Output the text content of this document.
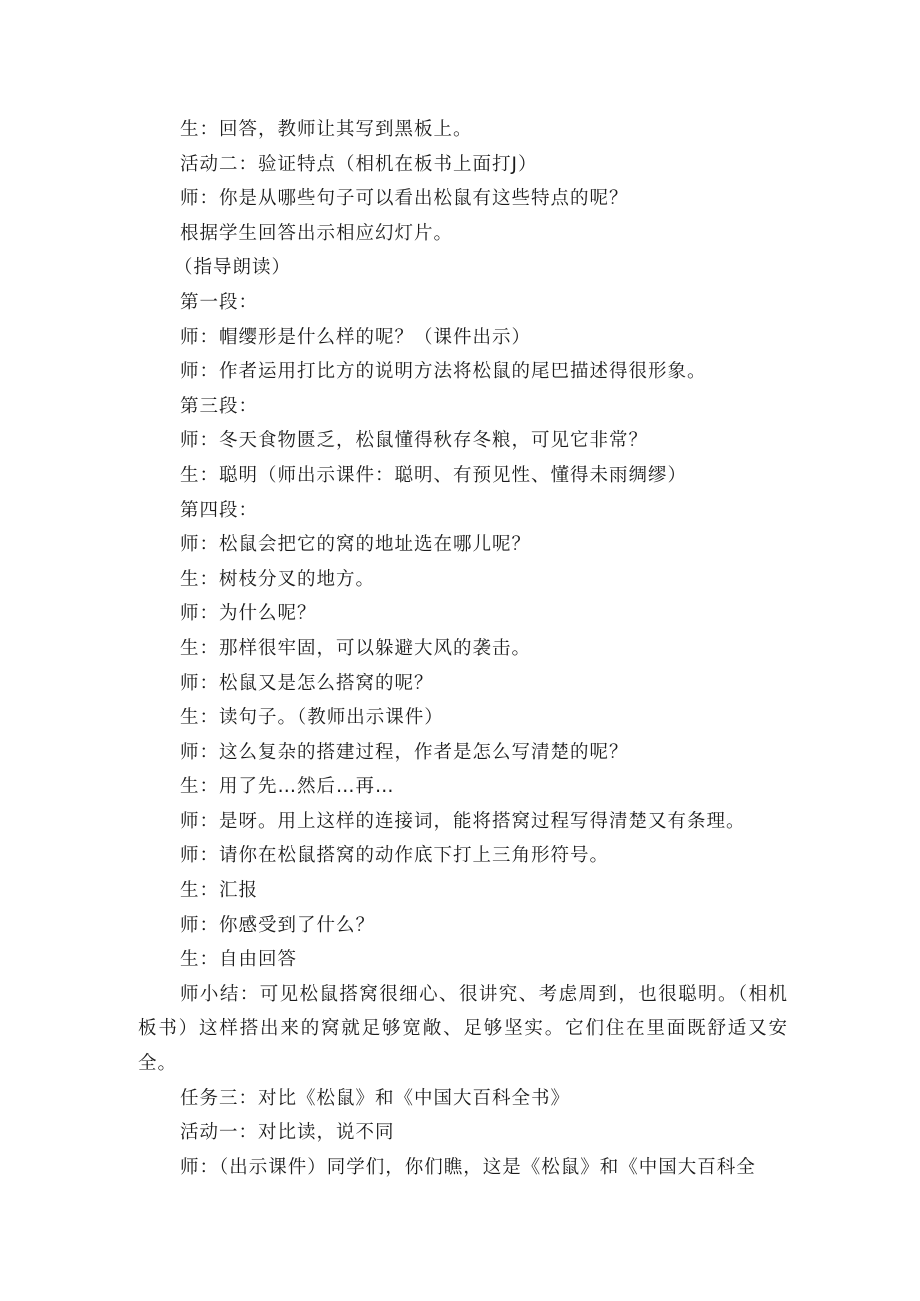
生：回答，教师让其写到黑板上。
活动二：验证特点（相机在板书上面打J）
师：你是从哪些句子可以看出松鼠有这些特点的呢？
根据学生回答出示相应幻灯片。
（指导朗读）
第一段：
师：帽缨形是什么样的呢？（课件出示）
师：作者运用打比方的说明方法将松鼠的尾巴描述得很形象。
第三段：
师：冬天食物匮乏，松鼠懂得秋存冬粮，可见它非常？
生：聪明（师出示课件：聪明、有预见性、懂得未雨绸缪）
第四段：
师：松鼠会把它的窝的地址选在哪儿呢？
生：树枝分叉的地方。
师：为什么呢？
生：那样很牢固，可以躲避大风的袭击。
师：松鼠又是怎么搭窝的呢？
生：读句子。（教师出示课件）
师：这么复杂的搭建过程，作者是怎么写清楚的呢？
生：用了先…然后…再…
师：是呀。用上这样的连接词，能将搭窝过程写得清楚又有条理。
师：请你在松鼠搭窝的动作底下打上三角形符号。
生：汇报
师：你感受到了什么？
生：自由回答
师小结：可见松鼠搭窝很细心、很讲究、考虑周到，也很聪明。（相机板书）这样搭出来的窝就足够宽敞、足够坚实。它们住在里面既舒适又安全。
任务三：对比《松鼠》和《中国大百科全书》
活动一：对比读，说不同
师：（出示课件）同学们，你们瞧，这是《松鼠》和《中国大百科全
